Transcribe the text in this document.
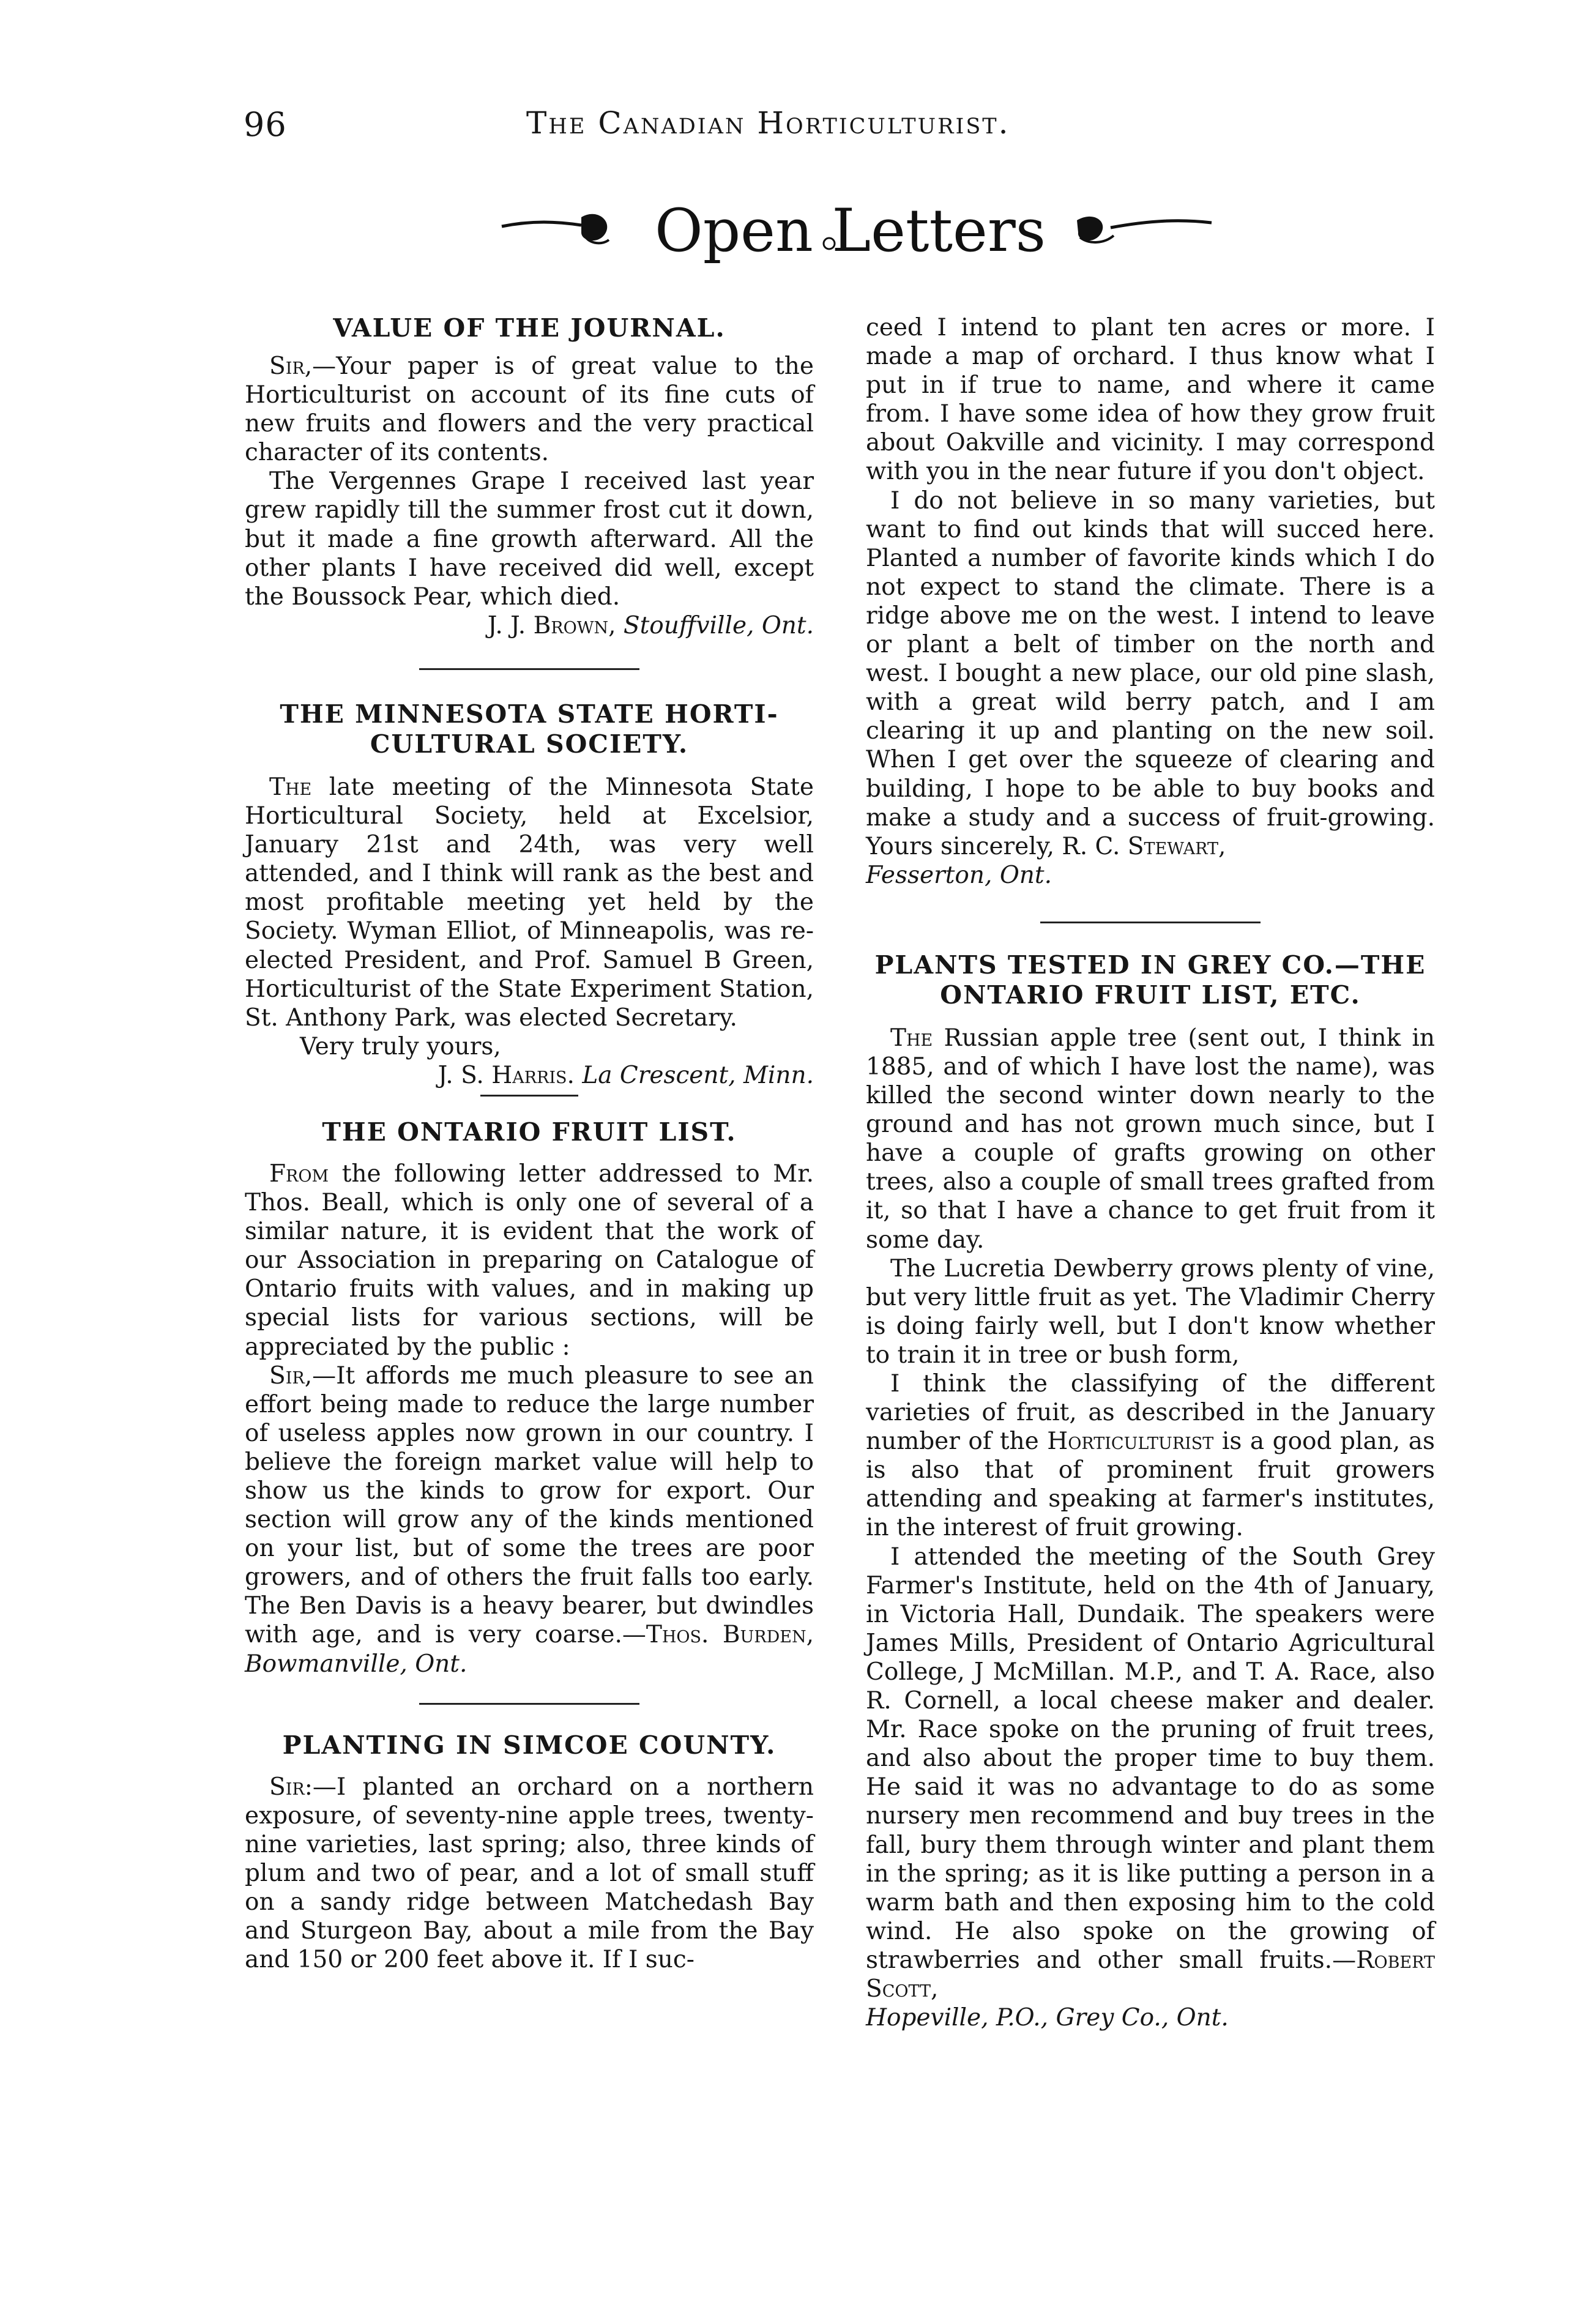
96	The Canadian Horticulturist.
Open Letters
VALUE OF THE JOURNAL.

Sir,—Your paper is of great value to the Horticulturist on account of its fine cuts of new fruits and flowers and the very practical character of its contents.

The Vergennes Grape I received last year grew rapidly till the summer frost cut it down, but it made a fine growth afterward. All the other plants I have received did well, except the Boussock Pear, which died.

J. J. Brown, Stouffville, Ont.

THE MINNESOTA STATE HORTI-
CULTURAL SOCIETY.

The late meeting of the Minnesota State Horticultural Society, held at Excelsior, January 21st and 24th, was very well attended, and I think will rank as the best and most profitable meeting yet held by the Society. Wyman Elliot, of Minneapolis, was re-elected President, and Prof. Samuel B Green, Horticulturist of the State Experiment Station, St. Anthony Park, was elected Secretary.

Very truly yours,

J. S. Harris. La Crescent, Minn.

THE ONTARIO FRUIT LIST.

From the following letter addressed to Mr. Thos. Beall, which is only one of several of a similar nature, it is evident that the work of our Association in preparing on Catalogue of Ontario fruits with values, and in making up special lists for various sections, will be appreciated by the public :

Sir,—It affords me much pleasure to see an effort being made to reduce the large number of useless apples now grown in our country. I believe the foreign market value will help to show us the kinds to grow for export. Our section will grow any of the kinds mentioned on your list, but of some the trees are poor growers, and of others the fruit falls too early. The Ben Davis is a heavy bearer, but dwindles with age, and is very coarse.—Thos. Burden, Bowmanville, Ont.

PLANTING IN SIMCOE COUNTY.

Sir:—I planted an orchard on a northern exposure, of seventy-nine apple trees, twenty-nine varieties, last spring; also, three kinds of plum and two of pear, and a lot of small stuff on a sandy ridge between Matchedash Bay and Sturgeon Bay, about a mile from the Bay and 150 or 200 feet above it. If I suc-

ceed I intend to plant ten acres or more. I made a map of orchard. I thus know what I put in if true to name, and where it came from. I have some idea of how they grow fruit about Oakville and vicinity. I may correspond with you in the near future if you don't object.

I do not believe in so many varieties, but want to find out kinds that will succed here. Planted a number of favorite kinds which I do not expect to stand the climate. There is a ridge above me on the west. I intend to leave or plant a belt of timber on the north and west. I bought a new place, our old pine slash, with a great wild berry patch, and I am clearing it up and planting on the new soil. When I get over the squeeze of clearing and building, I hope to be able to buy books and make a study and a success of fruit-growing. Yours sincerely, R. C. Stewart,

Fesserton, Ont.

PLANTS TESTED IN GREY CO.—THE
ONTARIO FRUIT LIST, ETC.

The Russian apple tree (sent out, I think in 1885, and of which I have lost the name), was killed the second winter down nearly to the ground and has not grown much since, but I have a couple of grafts growing on other trees, also a couple of small trees grafted from it, so that I have a chance to get fruit from it some day.

The Lucretia Dewberry grows plenty of vine, but very little fruit as yet. The Vladimir Cherry is doing fairly well, but I don't know whether to train it in tree or bush form,

I think the classifying of the different varieties of fruit, as described in the January number of the Horticulturist is a good plan, as is also that of prominent fruit growers attending and speaking at farmer's institutes, in the interest of fruit growing.

I attended the meeting of the South Grey Farmer's Institute, held on the 4th of January, in Victoria Hall, Dundaik. The speakers were James Mills, President of Ontario Agricultural College, J McMillan. M.P., and T. A. Race, also R. Cornell, a local cheese maker and dealer. Mr. Race spoke on the pruning of fruit trees, and also about the proper time to buy them. He said it was no advantage to do as some nursery men recommend and buy trees in the fall, bury them through winter and plant them in the spring; as it is like putting a person in a warm bath and then exposing him to the cold wind. He also spoke on the growing of strawberries and other small fruits.—Robert Scott,

Hopeville, P.O., Grey Co., Ont.
